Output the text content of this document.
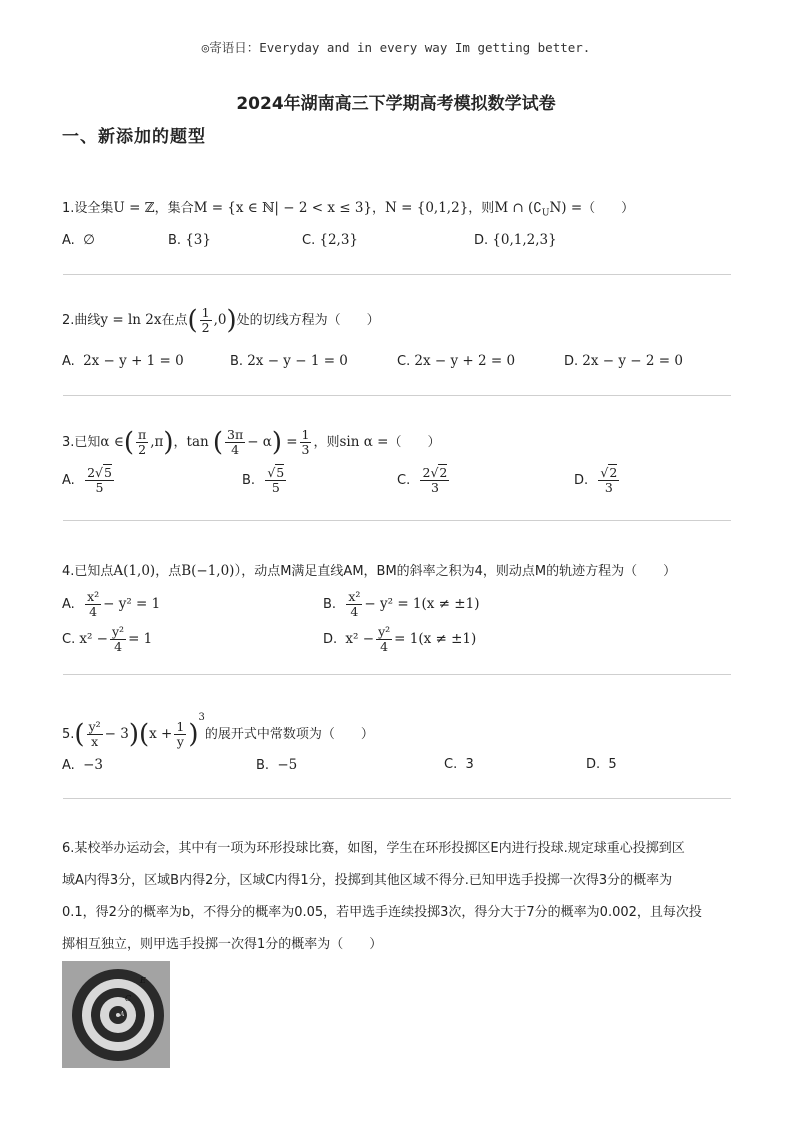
◎寄语日：Everyday and in every way Im getting better.
2024年湖南高三下学期高考模拟数学试卷
一、新添加的题型
1.设全集U = ℤ，集合M = {x ∈ ℕ| − 2 < x ≤ 3}，N = {0,1,2}，则M ∩ $(∁_UN)$ =（　　）
A. ∅	B. {3}	C. {2,3}	D. {0,1,2,3}
2.曲线y = ln 2x在点( $\frac{1}{2} ,0$)处的切线方程为（　　）
A. 2x − y + 1 = 0	B. 2x − y − 1 = 0	C. 2x − y + 2 = 0	D. 2x − y − 2 = 0
3.已知α ∈( $\frac{\pi}{2} ,\pi$)，tan ( $\frac{3\pi}{4} - \alpha) = \frac{1}{3}$ ，则sin α =（　　）
A. $\frac{2√5}{5}$	B. $\frac{√5}{5}$	C. $\frac{2√2}{3}$	D. $\frac{√2}{3}$
4.已知点A(1,0)，点B(−1,0)），动点M满足直线AM，BM的斜率之积为4，则动点M的轨迹方程为（　　）
A. $\frac{\text{x²}}{4} - y^2 = 1$	B. $\frac{\text{x²}}{4} - y^2 = 1(x \ne \pm 1)$
C. $x^2 - \frac{\text{y²}}{4} = 1$	D. $x^2 - \frac{\text{y²}}{4} = 1(x \ne \pm 1)$
$5.( \frac{\text{y²}}{x} - 3)(x + \frac{1}{y} )^3$的展开式中常数项为（　　）
A. −3	B. −5	C. 3	D. 5
6.某校举办运动会，其中有一项为环形投球比赛，如图，学生在环形投掷区E内进行投球.规定球重心投掷到区
域A内得3分，区域B内得2分，区域C内得1分，投掷到其他区域不得分.已知甲选手投掷一次得3分的概率为
0.1，得2分的概率为b，不得分的概率为0.05，若甲选手连续投掷3次，得分大于7分的概率为0.002，且每次投
掷相互独立，则甲选手投掷一次得1分的概率为（　　）
E
C
A
